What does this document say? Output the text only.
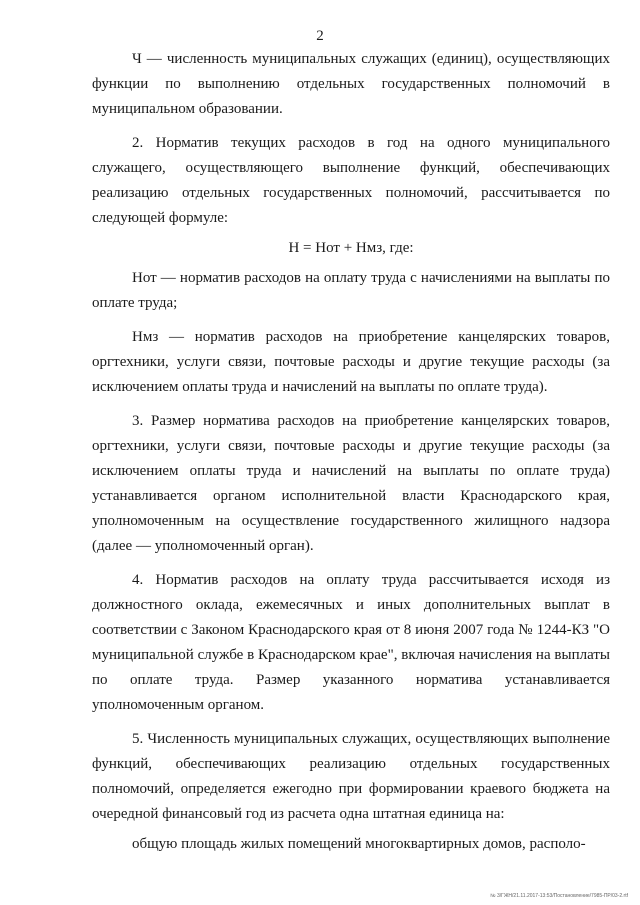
2

Ч — численность муниципальных служащих (единиц), осуществляющих функции по выполнению отдельных государственных полномочий в муниципальном образовании.

2. Норматив текущих расходов в год на одного муниципального служащего, осуществляющего выполнение функций, обеспечивающих реализацию отдельных государственных полномочий, рассчитывается по следующей формуле:

Н = Нот + Нмз, где:

Нот — норматив расходов на оплату труда с начислениями на выплаты по оплате труда;

Нмз — норматив расходов на приобретение канцелярских товаров, оргтехники, услуги связи, почтовые расходы и другие текущие расходы (за исключением оплаты труда и начислений на выплаты по оплате труда).

3. Размер норматива расходов на приобретение канцелярских товаров, оргтехники, услуги связи, почтовые расходы и другие текущие расходы (за исключением оплаты труда и начислений на выплаты по оплате труда) устанавливается органом исполнительной власти Краснодарского края, уполномоченным на осуществление государственного жилищного надзора (далее — уполномоченный орган).

4. Норматив расходов на оплату труда рассчитывается исходя из должностного оклада, ежемесячных и иных дополнительных выплат в соответствии с Законом Краснодарского края от 8 июня 2007 года № 1244-КЗ "О муниципальной службе в Краснодарском крае", включая начисления на выплаты по оплате труда. Размер указанного норматива устанавливается уполномоченным органом.

5. Численность муниципальных служащих, осуществляющих выполнение функций, обеспечивающих реализацию отдельных государственных полномочий, определяется ежегодно при формировании краевого бюджета на очередной финансовый год из расчета одна штатная единица на:

общую площадь жилых помещений многоквартирных домов, располо-

№ 3/ГЖН/21.11.2017-13:53/Постановление/7985-ПР/03-2.rtf
